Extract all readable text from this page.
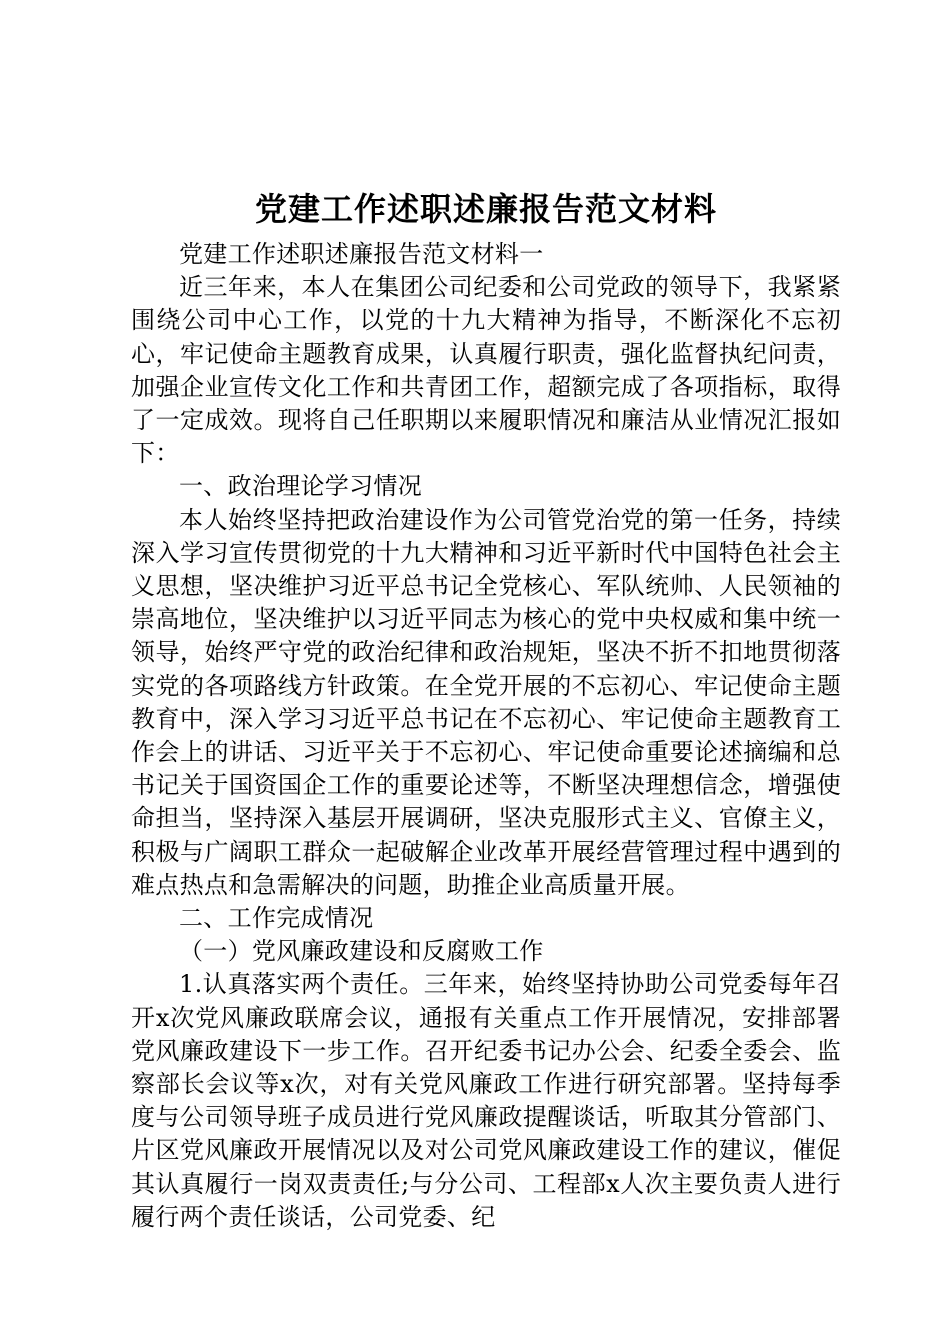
党建工作述职述廉报告范文材料

党建工作述职述廉报告范文材料一

近三年来，本人在集团公司纪委和公司党政的领导下，我紧紧围绕公司中心工作，以党的十九大精神为指导，不断深化不忘初心，牢记使命主题教育成果，认真履行职责，强化监督执纪问责，加强企业宣传文化工作和共青团工作，超额完成了各项指标，取得了一定成效。现将自己任职期以来履职情况和廉洁从业情况汇报如下：

一、政治理论学习情况

本人始终坚持把政治建设作为公司管党治党的第一任务，持续深入学习宣传贯彻党的十九大精神和习近平新时代中国特色社会主义思想，坚决维护习近平总书记全党核心、军队统帅、人民领袖的崇高地位，坚决维护以习近平同志为核心的党中央权威和集中统一领导，始终严守党的政治纪律和政治规矩，坚决不折不扣地贯彻落实党的各项路线方针政策。在全党开展的不忘初心、牢记使命主题教育中，深入学习习近平总书记在不忘初心、牢记使命主题教育工作会上的讲话、习近平关于不忘初心、牢记使命重要论述摘编和总书记关于国资国企工作的重要论述等，不断坚决理想信念，增强使命担当，坚持深入基层开展调研，坚决克服形式主义、官僚主义，积极与广阔职工群众一起破解企业改革开展经营管理过程中遇到的难点热点和急需解决的问题，助推企业高质量开展。

二、工作完成情况

（一）党风廉政建设和反腐败工作

1.认真落实两个责任。三年来，始终坚持协助公司党委每年召开x次党风廉政联席会议，通报有关重点工作开展情况，安排部署党风廉政建设下一步工作。召开纪委书记办公会、纪委全委会、监察部长会议等x次，对有关党风廉政工作进行研究部署。坚持每季度与公司领导班子成员进行党风廉政提醒谈话，听取其分管部门、片区党风廉政开展情况以及对公司党风廉政建设工作的建议，催促其认真履行一岗双责责任;与分公司、工程部x人次主要负责人进行履行两个责任谈话，公司党委、纪
